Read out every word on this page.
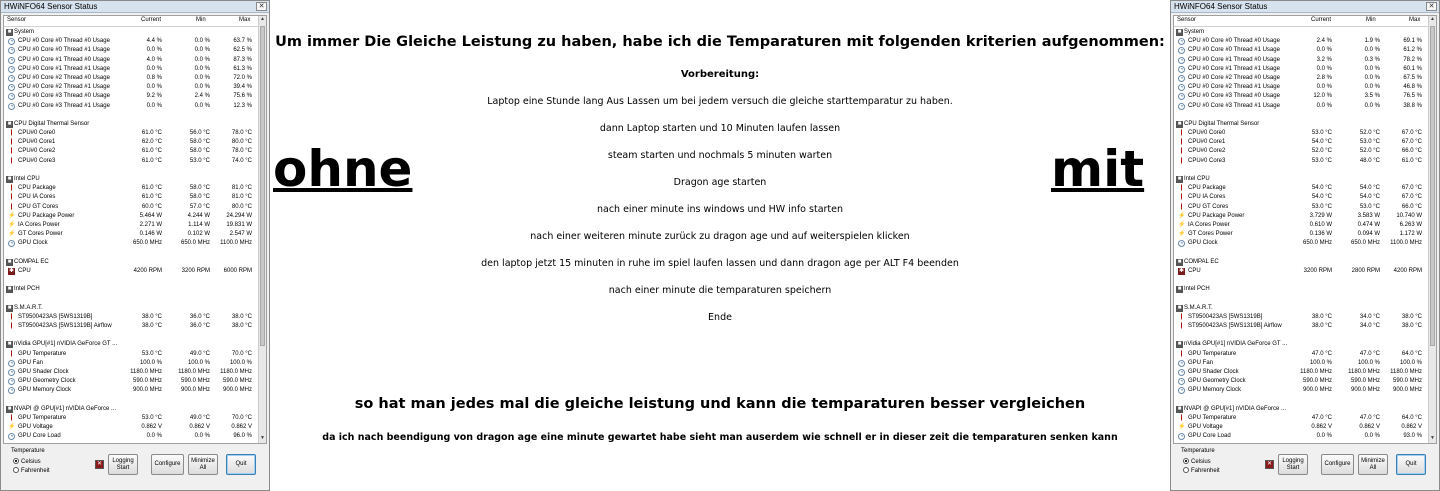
HWiNFO64 Sensor Status	✕
Sensor	Current	Min	Max
■ System
◔ CPU #0 Core #0 Thread #0 Usage	4.4 %	0.0 %	63.7 %
◔ CPU #0 Core #0 Thread #1 Usage	0.0 %	0.0 %	62.5 %
◔ CPU #0 Core #1 Thread #0 Usage	4.0 %	0.0 %	87.3 %
◔ CPU #0 Core #1 Thread #1 Usage	0.0 %	0.0 %	61.3 %
◔ CPU #0 Core #2 Thread #0 Usage	0.8 %	0.0 %	72.0 %
◔ CPU #0 Core #2 Thread #1 Usage	0.0 %	0.0 %	39.4 %
◔ CPU #0 Core #3 Thread #0 Usage	9.2 %	2.4 %	75.6 %
◔ CPU #0 Core #3 Thread #1 Usage	0.0 %	0.0 %	12.3 %
■ CPU Digital Thermal Sensor
❙ CPU#0 Core0	61.0 °C	56.0 °C	78.0 °C
❙ CPU#0 Core1	62.0 °C	58.0 °C	80.0 °C
❙ CPU#0 Core2	61.0 °C	58.0 °C	78.0 °C
❙ CPU#0 Core3	61.0 °C	53.0 °C	74.0 °C
■ Intel CPU
❙ CPU Package	61.0 °C	58.0 °C	81.0 °C
❙ CPU IA Cores	61.0 °C	58.0 °C	81.0 °C
❙ CPU GT Cores	60.0 °C	57.0 °C	80.0 °C
⚡ CPU Package Power	5.464 W	4.244 W	24.294 W
⚡ IA Cores Power	2.271 W	1.114 W	19.831 W
⚡ GT Cores Power	0.146 W	0.102 W	2.547 W
◔ GPU Clock	650.0 MHz	650.0 MHz	1100.0 MHz
■ COMPAL EC
✱ CPU	4200 RPM	3200 RPM	6000 RPM
■ Intel PCH
■ S.M.A.R.T.
❙ ST9500423AS [5WS1319B]	38.0 °C	36.0 °C	38.0 °C
❙ ST9500423AS [5WS1319B] Airflow	38.0 °C	36.0 °C	38.0 °C
■ nVidia GPU[#1] nVIDIA GeForce GT ...
❙ GPU Temperature	53.0 °C	49.0 °C	70.0 °C
◔ GPU Fan	100.0 %	100.0 %	100.0 %
◔ GPU Shader Clock	1180.0 MHz	1180.0 MHz	1180.0 MHz
◔ GPU Geometry Clock	590.0 MHz	590.0 MHz	590.0 MHz
◔ GPU Memory Clock	900.0 MHz	900.0 MHz	900.0 MHz
■ NVAPI @ GPU[#1] nVIDIA GeForce ...
❙ GPU Temperature	53.0 °C	49.0 °C	70.0 °C
⚡ GPU Voltage	0.862 V	0.862 V	0.862 V
◔ GPU Core Load	0.0 %	0.0 %	96.0 %
▲
▼
Temperature
Celsius
Fahrenheit
✕
Logging
Start
Configure
Minimize
All
Quit
Um immer Die Gleiche Leistung zu haben, habe ich die Temparaturen mit folgenden kriterien aufgenommen:
Vorbereitung:
Laptop eine Stunde lang Aus Lassen um bei jedem versuch die gleiche starttemparatur zu haben.
dann Laptop starten und 10 Minuten laufen lassen
steam starten und nochmals 5 minuten warten
Dragon age starten
nach einer minute ins windows und HW info starten
nach einer weiteren minute zurück zu dragon age und auf weiterspielen klicken
den laptop jetzt 15 minuten in ruhe im spiel laufen lassen und dann dragon age per ALT F4 beenden
nach einer minute die temparaturen speichern
Ende
so hat man jedes mal die gleiche leistung und kann die temparaturen besser vergleichen
da ich nach beendigung von dragon age eine minute gewartet habe sieht man auserdem wie schnell er in dieser zeit die temparaturen senken kann
ohne	mit
HWiNFO64 Sensor Status	✕
Sensor	Current	Min	Max
■ System
◔ CPU #0 Core #0 Thread #0 Usage	2.4 %	1.9 %	69.1 %
◔ CPU #0 Core #0 Thread #1 Usage	0.0 %	0.0 %	61.2 %
◔ CPU #0 Core #1 Thread #0 Usage	3.2 %	0.3 %	78.2 %
◔ CPU #0 Core #1 Thread #1 Usage	0.0 %	0.0 %	60.1 %
◔ CPU #0 Core #2 Thread #0 Usage	2.8 %	0.0 %	67.5 %
◔ CPU #0 Core #2 Thread #1 Usage	0.0 %	0.0 %	46.8 %
◔ CPU #0 Core #3 Thread #0 Usage	12.0 %	3.5 %	76.5 %
◔ CPU #0 Core #3 Thread #1 Usage	0.0 %	0.0 %	38.8 %
■ CPU Digital Thermal Sensor
❙ CPU#0 Core0	53.0 °C	52.0 °C	67.0 °C
❙ CPU#0 Core1	54.0 °C	53.0 °C	67.0 °C
❙ CPU#0 Core2	52.0 °C	52.0 °C	66.0 °C
❙ CPU#0 Core3	53.0 °C	48.0 °C	61.0 °C
■ Intel CPU
❙ CPU Package	54.0 °C	54.0 °C	67.0 °C
❙ CPU IA Cores	54.0 °C	54.0 °C	67.0 °C
❙ CPU GT Cores	53.0 °C	53.0 °C	66.0 °C
⚡ CPU Package Power	3.729 W	3.583 W	10.740 W
⚡ IA Cores Power	0.610 W	0.474 W	6.263 W
⚡ GT Cores Power	0.136 W	0.094 W	1.172 W
◔ GPU Clock	650.0 MHz	650.0 MHz	1100.0 MHz
■ COMPAL EC
✱ CPU	3200 RPM	2800 RPM	4200 RPM
■ Intel PCH
■ S.M.A.R.T.
❙ ST9500423AS [5WS1319B]	38.0 °C	34.0 °C	38.0 °C
❙ ST9500423AS [5WS1319B] Airflow	38.0 °C	34.0 °C	38.0 °C
■ nVidia GPU[#1] nVIDIA GeForce GT ...
❙ GPU Temperature	47.0 °C	47.0 °C	64.0 °C
◔ GPU Fan	100.0 %	100.0 %	100.0 %
◔ GPU Shader Clock	1180.0 MHz	1180.0 MHz	1180.0 MHz
◔ GPU Geometry Clock	590.0 MHz	590.0 MHz	590.0 MHz
◔ GPU Memory Clock	900.0 MHz	900.0 MHz	900.0 MHz
■ NVAPI @ GPU[#1] nVIDIA GeForce ...
❙ GPU Temperature	47.0 °C	47.0 °C	64.0 °C
⚡ GPU Voltage	0.862 V	0.862 V	0.862 V
◔ GPU Core Load	0.0 %	0.0 %	93.0 %
▲
▼
Temperature
Celsius
Fahrenheit
✕
Logging
Start
Configure
Minimize
All
Quit
